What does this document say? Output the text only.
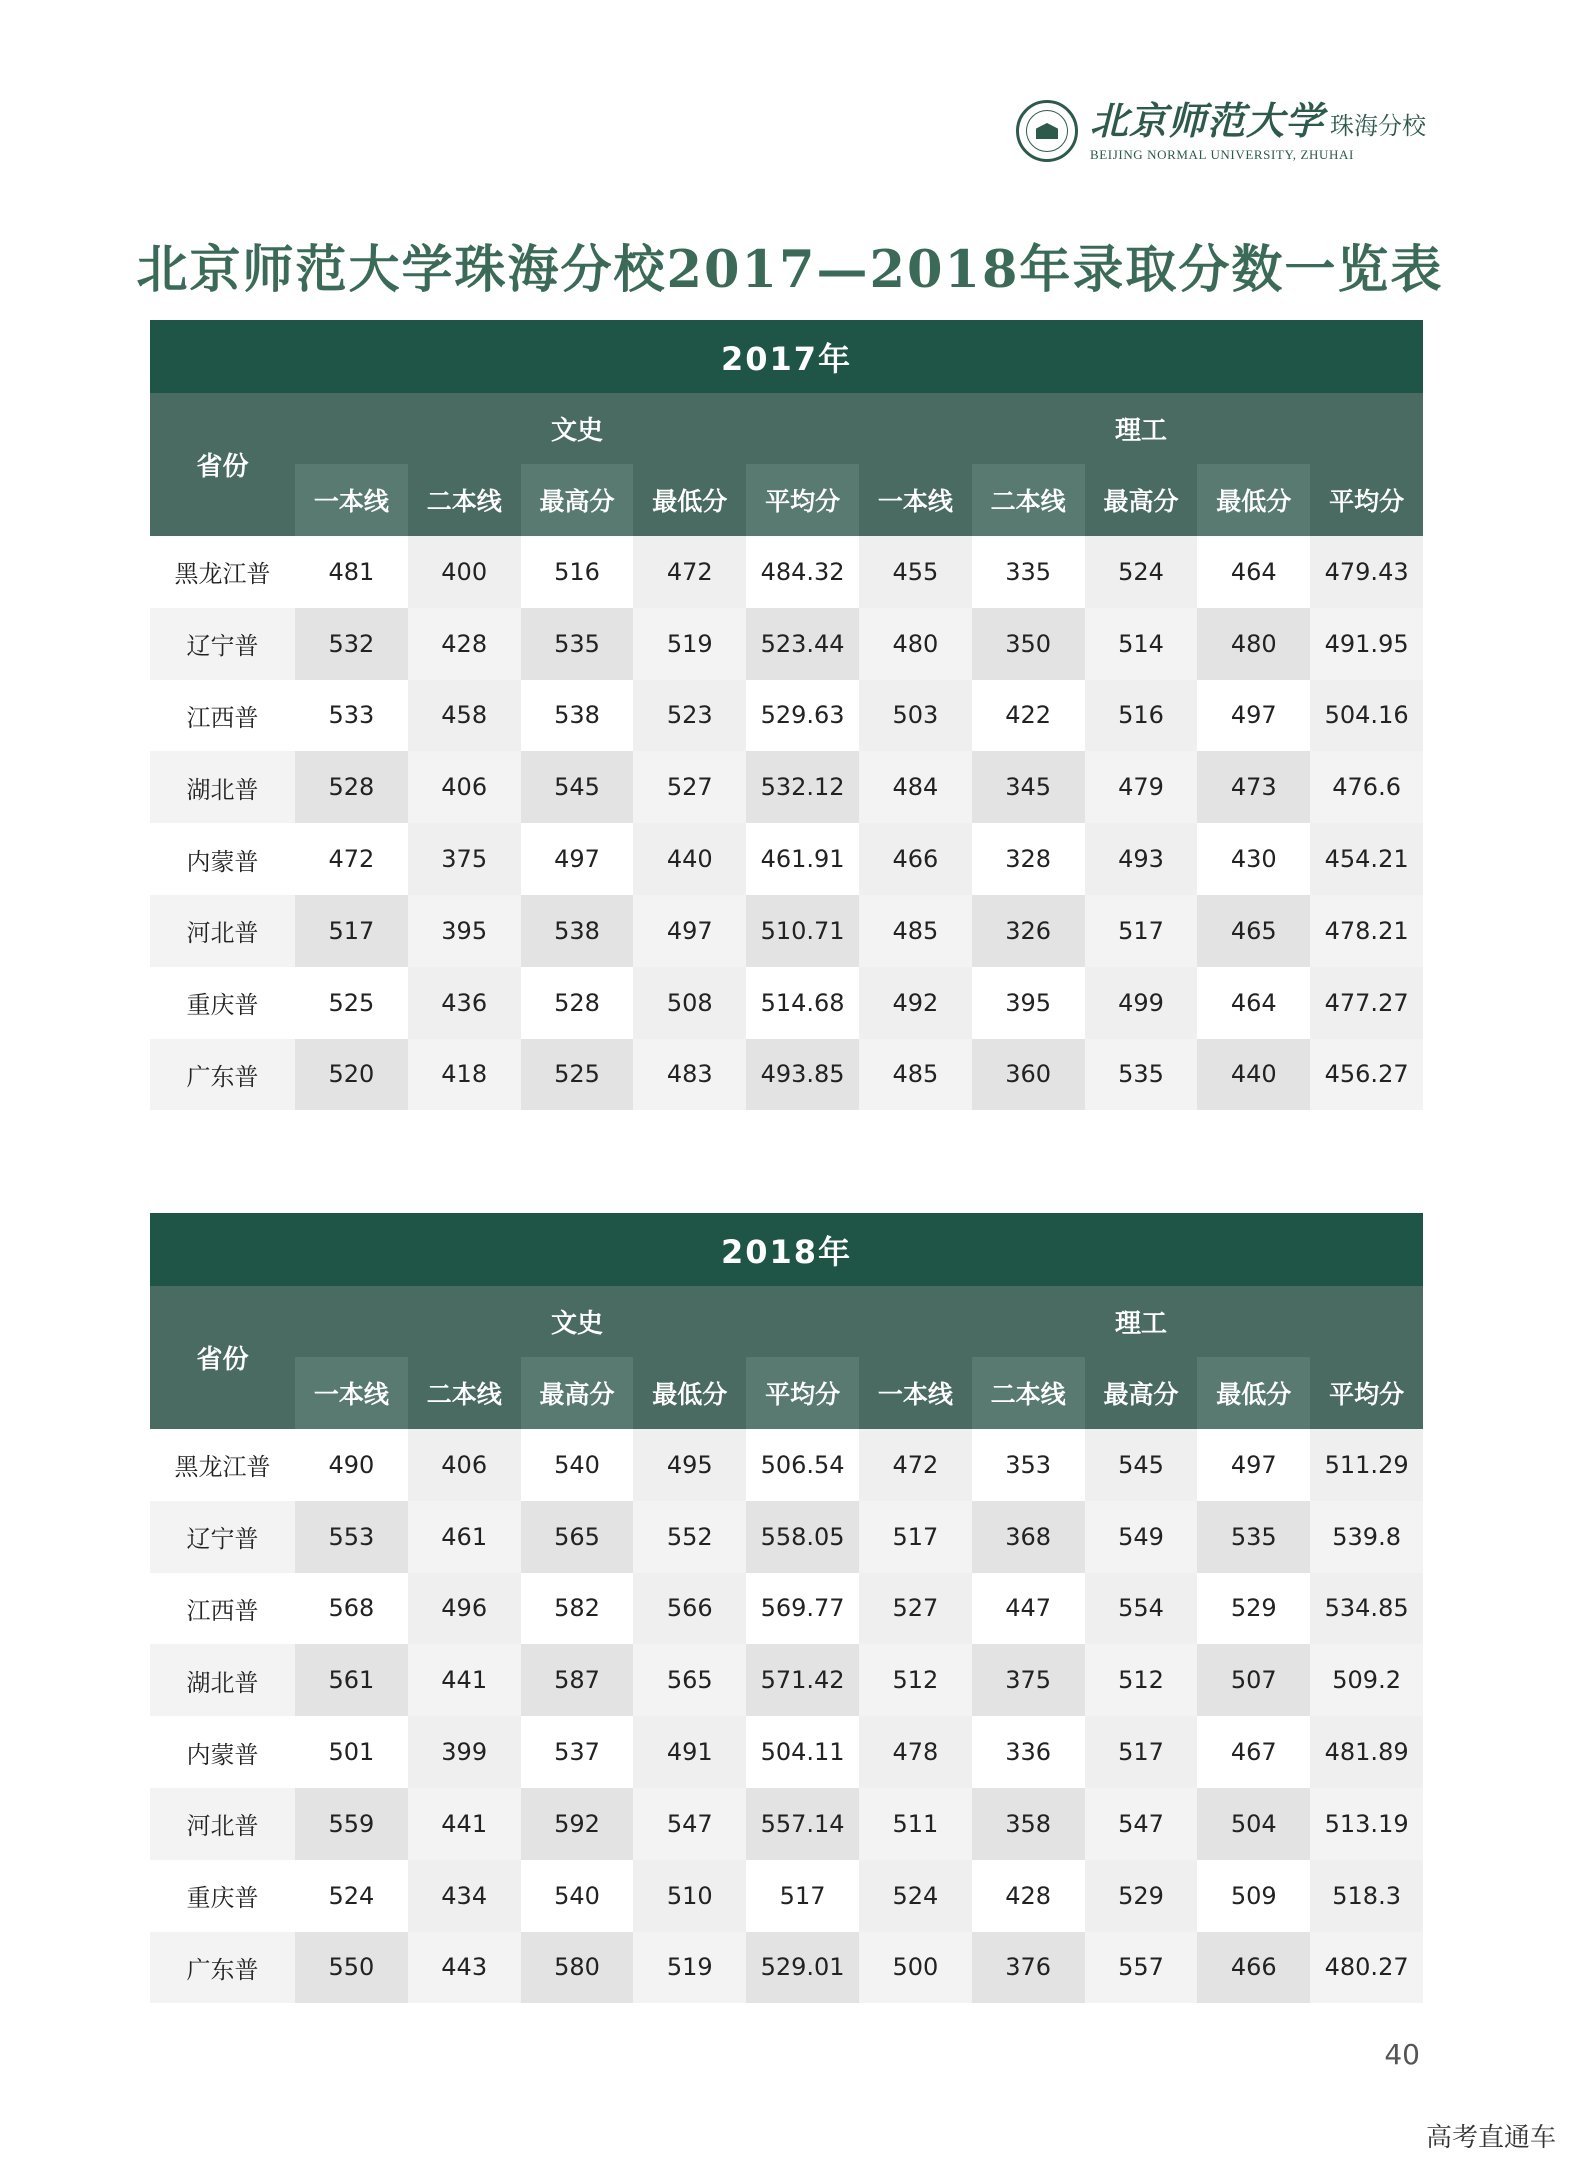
北京师范大学 珠海分校
BEIJING NORMAL UNIVERSITY, ZHUHAI
北京师范大学珠海分校2017—2018年录取分数一览表
2017年										
省份	文史					理工				
	一本线	二本线	最高分	最低分	平均分	一本线	二本线	最高分	最低分	平均分
黑龙江普	481	400	516	472	484.32	455	335	524	464	479.43
辽宁普	532	428	535	519	523.44	480	350	514	480	491.95
江西普	533	458	538	523	529.63	503	422	516	497	504.16
湖北普	528	406	545	527	532.12	484	345	479	473	476.6
内蒙普	472	375	497	440	461.91	466	328	493	430	454.21
河北普	517	395	538	497	510.71	485	326	517	465	478.21
重庆普	525	436	528	508	514.68	492	395	499	464	477.27
广东普	520	418	525	483	493.85	485	360	535	440	456.27
2018年										
省份	文史					理工				
	一本线	二本线	最高分	最低分	平均分	一本线	二本线	最高分	最低分	平均分
黑龙江普	490	406	540	495	506.54	472	353	545	497	511.29
辽宁普	553	461	565	552	558.05	517	368	549	535	539.8
江西普	568	496	582	566	569.77	527	447	554	529	534.85
湖北普	561	441	587	565	571.42	512	375	512	507	509.2
内蒙普	501	399	537	491	504.11	478	336	517	467	481.89
河北普	559	441	592	547	557.14	511	358	547	504	513.19
重庆普	524	434	540	510	517	524	428	529	509	518.3
广东普	550	443	580	519	529.01	500	376	557	466	480.27
40
高考直通车
